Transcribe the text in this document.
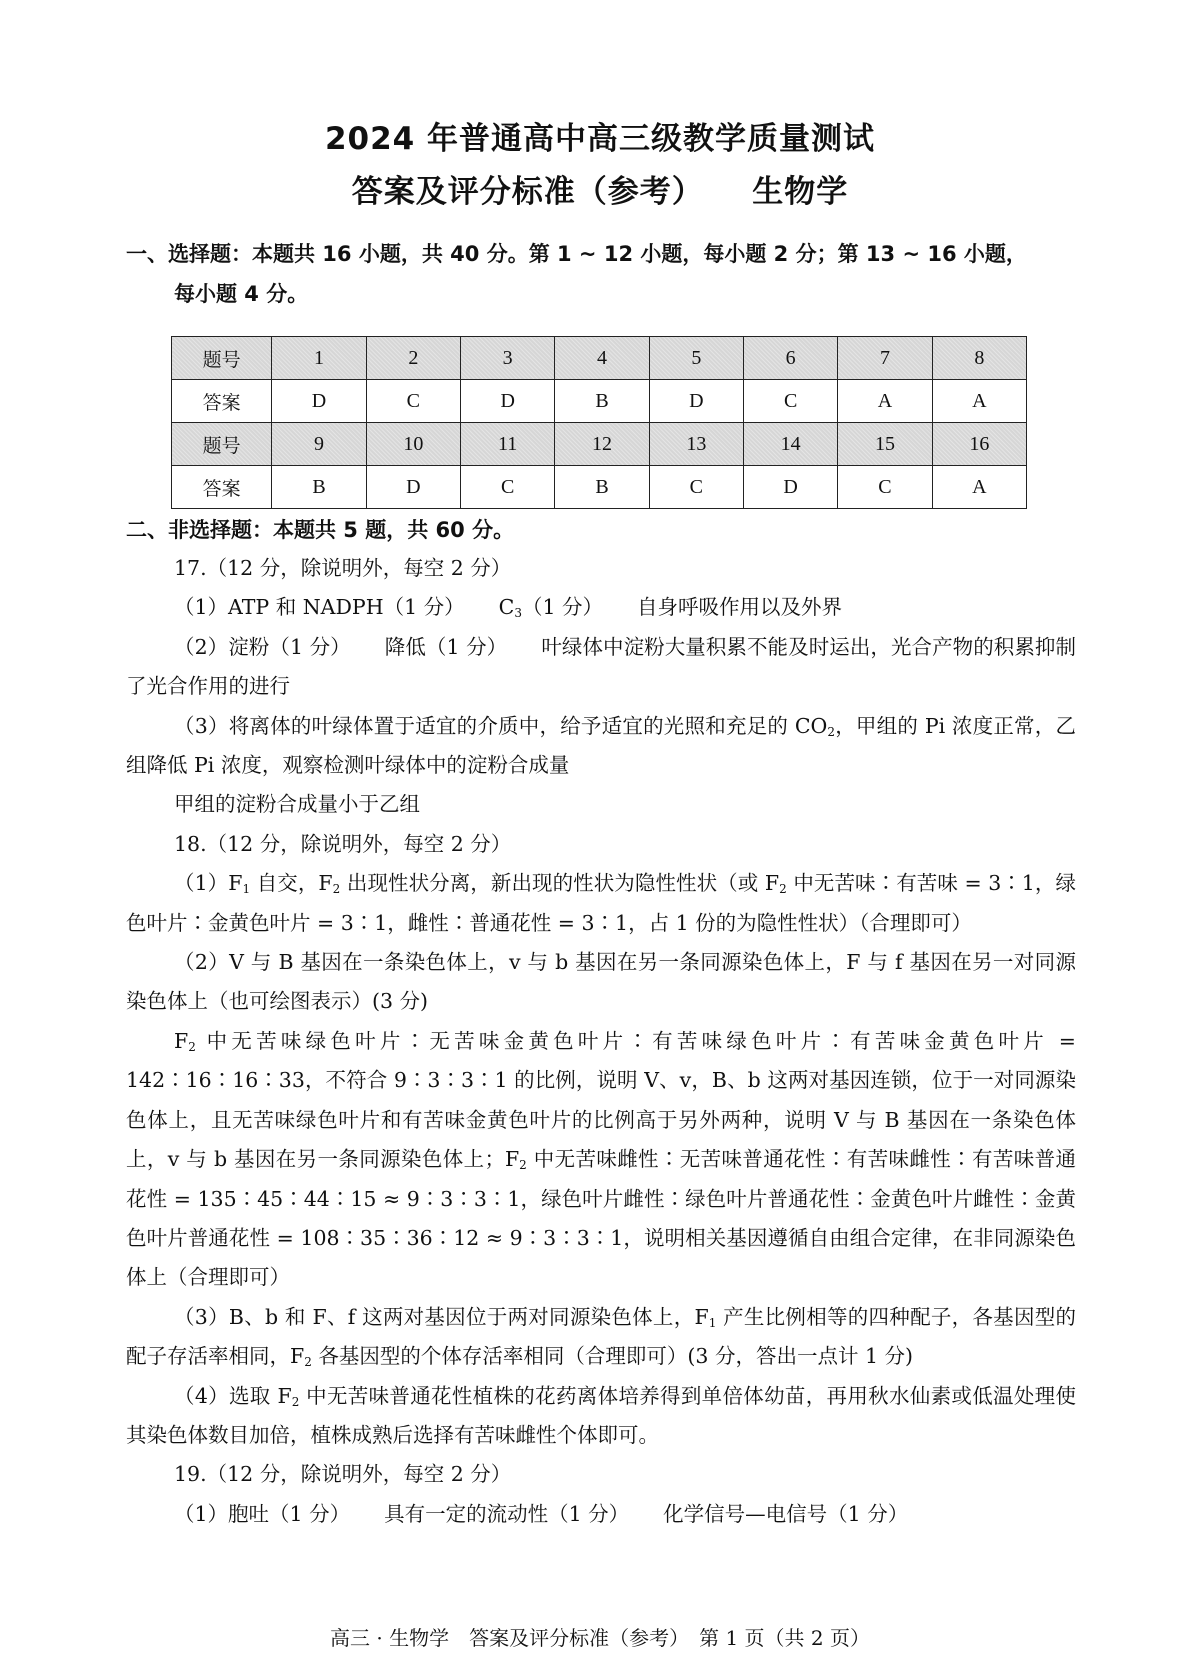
2024 年普通高中高三级教学质量测试
答案及评分标准（参考）　　生物学
一、选择题：本题共 16 小题，共 40 分。第 1 ~ 12 小题，每小题 2 分；第 13 ~ 16 小题，
每小题 4 分。
题号	1	2	3	4	5	6	7	8
答案	D	C	D	B	D	C	A	A
题号	9	10	11	12	13	14	15	16
答案	B	D	C	B	C	D	C	A
二、非选择题：本题共 5 题，共 60 分。

17.（12 分，除说明外，每空 2 分）

（1）ATP 和 NADPH（1 分） $C_3(1$ 分） 自身呼吸作用以及外界

（2）淀粉（1 分） 降低（1 分） 叶绿体中淀粉大量积累不能及时运出，光合产物的积累抑制了光合作用的进行

（3）将离体的叶绿体置于适宜的介质中，给予适宜的光照和充足的 $CO_2$，甲组的 Pi 浓度正常，乙组降低 Pi 浓度，观察检测叶绿体中的淀粉合成量

甲组的淀粉合成量小于乙组

18.（12 分，除说明外，每空 2 分）

$(1)F_1$ 自交，$F_2$ 出现性状分离，新出现的性状为隐性性状（或 $F_2$ 中无苦味∶有苦味 = 3∶1，绿色叶片∶金黄色叶片 = 3∶1，雌性∶普通花性 = 3∶1，占 1 份的为隐性性状）（合理即可）

（2）V 与 B 基因在一条染色体上，v 与 b 基因在另一条同源染色体上，F 与 f 基因在另一对同源染色体上（也可绘图表示）(3 分)

$F_2$ 中无苦味绿色叶片∶无苦味金黄色叶片∶有苦味绿色叶片∶有苦味金黄色叶片 = 142∶16∶16∶33，不符合 9∶3∶3∶1 的比例，说明 V、v，B、b 这两对基因连锁，位于一对同源染色体上，且无苦味绿色叶片和有苦味金黄色叶片的比例高于另外两种，说明 V 与 B 基因在一条染色体上，v 与 b 基因在另一条同源染色体上；$F_2$ 中无苦味雌性∶无苦味普通花性∶有苦味雌性∶有苦味普通花性 = 135∶45∶44∶15 ≈ 9∶3∶3∶1，绿色叶片雌性∶绿色叶片普通花性∶金黄色叶片雌性∶金黄色叶片普通花性 = 108∶35∶36∶12 ≈ 9∶3∶3∶1，说明相关基因遵循自由组合定律，在非同源染色体上（合理即可）

（3）B、b 和 F、f 这两对基因位于两对同源染色体上，$F_1$ 产生比例相等的四种配子，各基因型的配子存活率相同，$F_2$ 各基因型的个体存活率相同（合理即可）(3 分，答出一点计 1 分)

（4）选取 $F_2$ 中无苦味普通花性植株的花药离体培养得到单倍体幼苗，再用秋水仙素或低温处理使其染色体数目加倍，植株成熟后选择有苦味雌性个体即可。

19.（12 分，除说明外，每空 2 分）

（1）胞吐（1 分） 具有一定的流动性（1 分） 化学信号—电信号（1 分）

高三 · 生物学　答案及评分标准（参考）　第 1 页（共 2 页）
